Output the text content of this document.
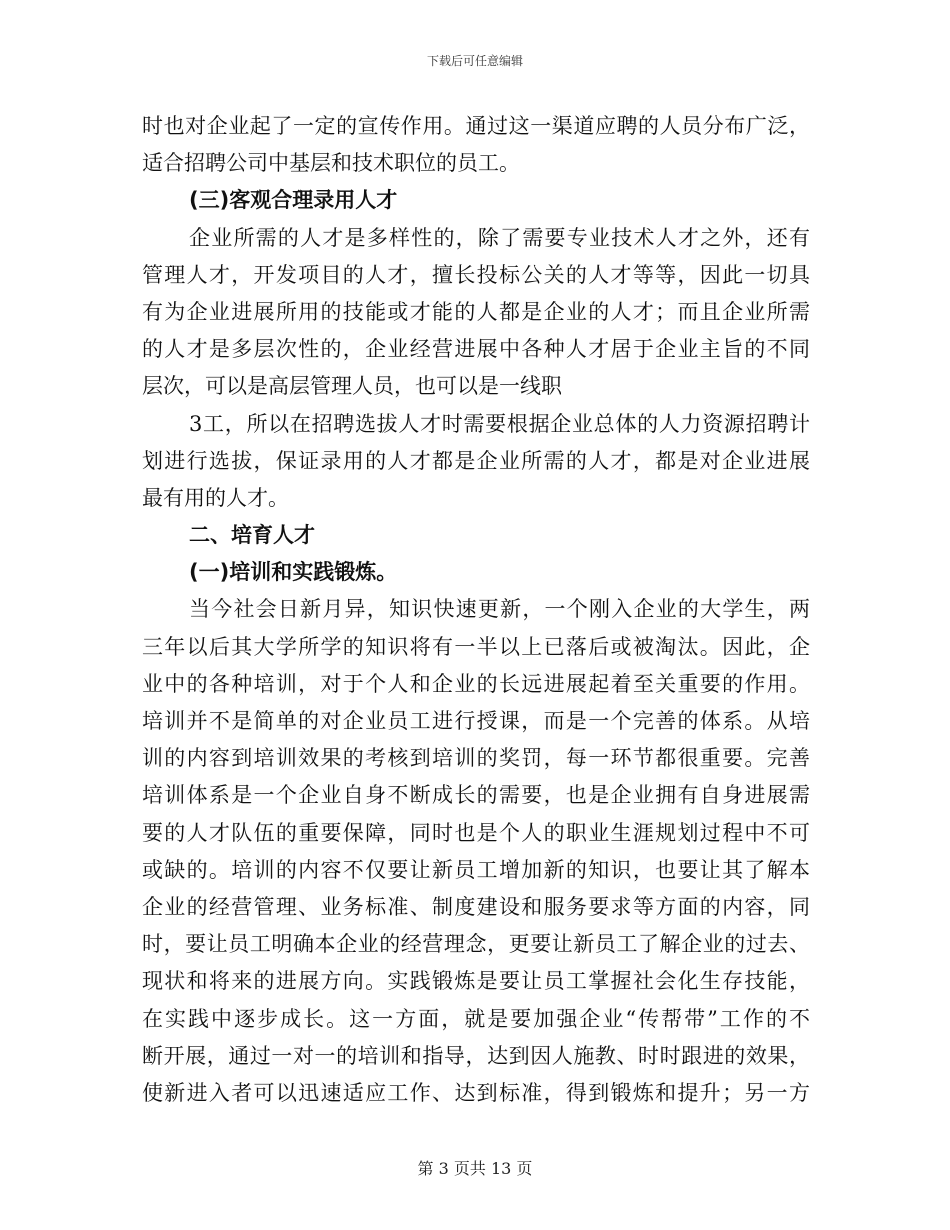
下载后可任意编辑
时也对企业起了一定的宣传作用。通过这一渠道应聘的人员分布广泛，
适合招聘公司中基层和技术职位的员工。
(三)客观合理录用人才
企业所需的人才是多样性的，除了需要专业技术人才之外，还有
管理人才，开发项目的人才，擅长投标公关的人才等等，因此一切具
有为企业进展所用的技能或才能的人都是企业的人才；而且企业所需
的人才是多层次性的，企业经营进展中各种人才居于企业主旨的不同
层次，可以是高层管理人员，也可以是一线职
3工，所以在招聘选拔人才时需要根据企业总体的人力资源招聘计
划进行选拔，保证录用的人才都是企业所需的人才，都是对企业进展
最有用的人才。
二、培育人才
(一)培训和实践锻炼。
当今社会日新月异，知识快速更新，一个刚入企业的大学生，两
三年以后其大学所学的知识将有一半以上已落后或被淘汰。因此，企
业中的各种培训，对于个人和企业的长远进展起着至关重要的作用。
培训并不是简单的对企业员工进行授课，而是一个完善的体系。从培
训的内容到培训效果的考核到培训的奖罚，每一环节都很重要。完善
培训体系是一个企业自身不断成长的需要，也是企业拥有自身进展需
要的人才队伍的重要保障，同时也是个人的职业生涯规划过程中不可
或缺的。培训的内容不仅要让新员工增加新的知识，也要让其了解本
企业的经营管理、业务标准、制度建设和服务要求等方面的内容，同
时，要让员工明确本企业的经营理念，更要让新员工了解企业的过去、
现状和将来的进展方向。实践锻炼是要让员工掌握社会化生存技能，
在实践中逐步成长。这一方面，就是要加强企业“传帮带”工作的不
断开展，通过一对一的培训和指导，达到因人施教、时时跟进的效果，
使新进入者可以迅速适应工作、达到标准，得到锻炼和提升；另一方
第 3 页共 13 页
